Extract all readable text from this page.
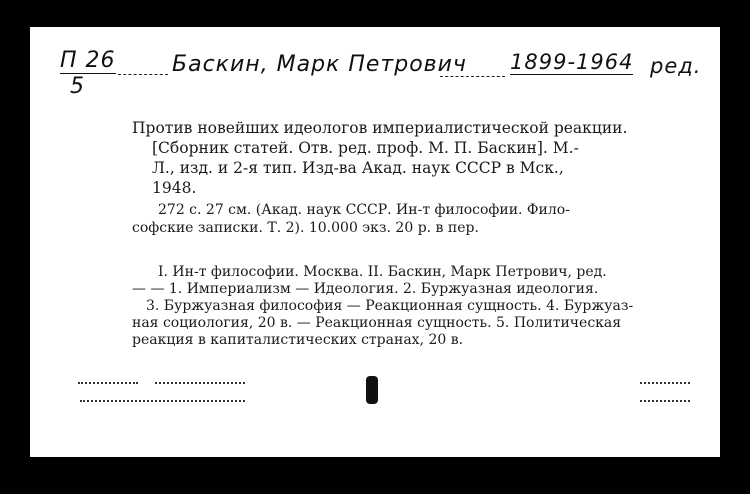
П 26
5
Баскин, Марк Петрович 1899-1964 ред.
Против новейших идеологов империалистической реакции.
[Сборник статей. Отв. ред. проф. М. П. Баскин]. М.-
Л., изд. и 2-я тип. Изд-ва Акад. наук СССР в Мск.,
1948.
272 с. 27 см. (Акад. наук СССР. Ин-т философии. Фило-
софские записки. Т. 2). 10.000 экз. 20 р. в пер.
I. Ин-т философии. Москва. II. Баскин, Марк Петрович, ред.
— — 1. Империализм — Идеология. 2. Буржуазная идеология.
3. Буржуазная философия — Реакционная сущность. 4. Буржуаз-
ная социология, 20 в. — Реакционная сущность. 5. Политическая
реакция в капиталистических странах, 20 в.
